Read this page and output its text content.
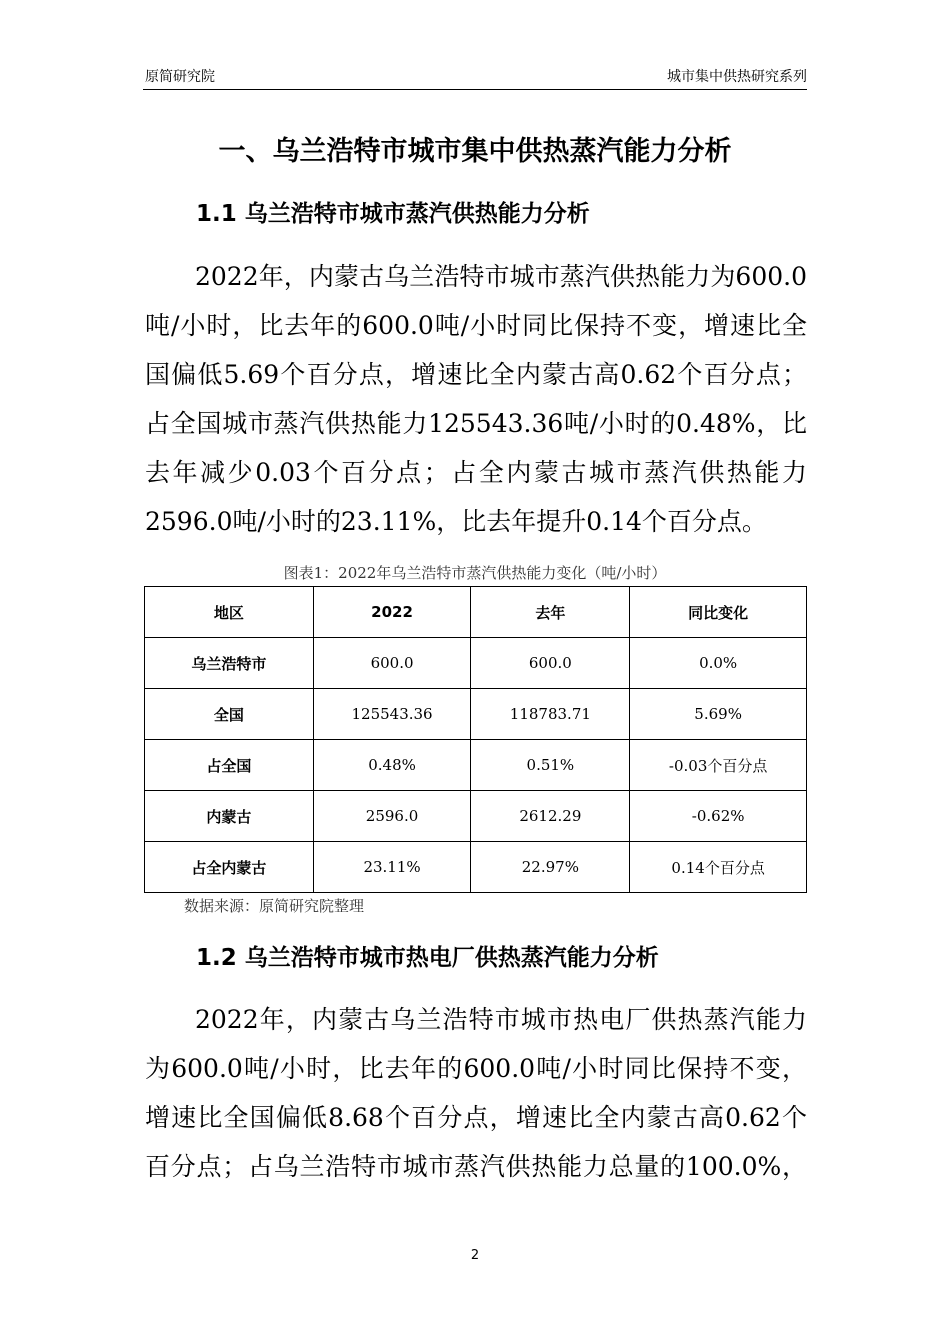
原简研究院	城市集中供热研究系列
一、乌兰浩特市城市集中供热蒸汽能力分析
1.1 乌兰浩特市城市蒸汽供热能力分析
2022年，内蒙古乌兰浩特市城市蒸汽供热能力为600.0
吨/小时，比去年的600.0吨/小时同比保持不变，增速比全
国偏低5.69个百分点，增速比全内蒙古高0.62个百分点；
占全国城市蒸汽供热能力125543.36吨/小时的0.48%，比
去年减少0.03个百分点；占全内蒙古城市蒸汽供热能力
2596.0吨/小时的23.11%，比去年提升0.14个百分点。
图表1：2022年乌兰浩特市蒸汽供热能力变化（吨/小时）
地区	2022	去年	同比变化
乌兰浩特市	600.0	600.0	0.0%
全国	125543.36	118783.71	5.69%
占全国	0.48%	0.51%	-0.03个百分点
内蒙古	2596.0	2612.29	-0.62%
占全内蒙古	23.11%	22.97%	0.14个百分点
数据来源：原简研究院整理
1.2 乌兰浩特市城市热电厂供热蒸汽能力分析
2022年，内蒙古乌兰浩特市城市热电厂供热蒸汽能力
为600.0吨/小时，比去年的600.0吨/小时同比保持不变，
增速比全国偏低8.68个百分点，增速比全内蒙古高0.62个
百分点；占乌兰浩特市城市蒸汽供热能力总量的100.0%，
2
